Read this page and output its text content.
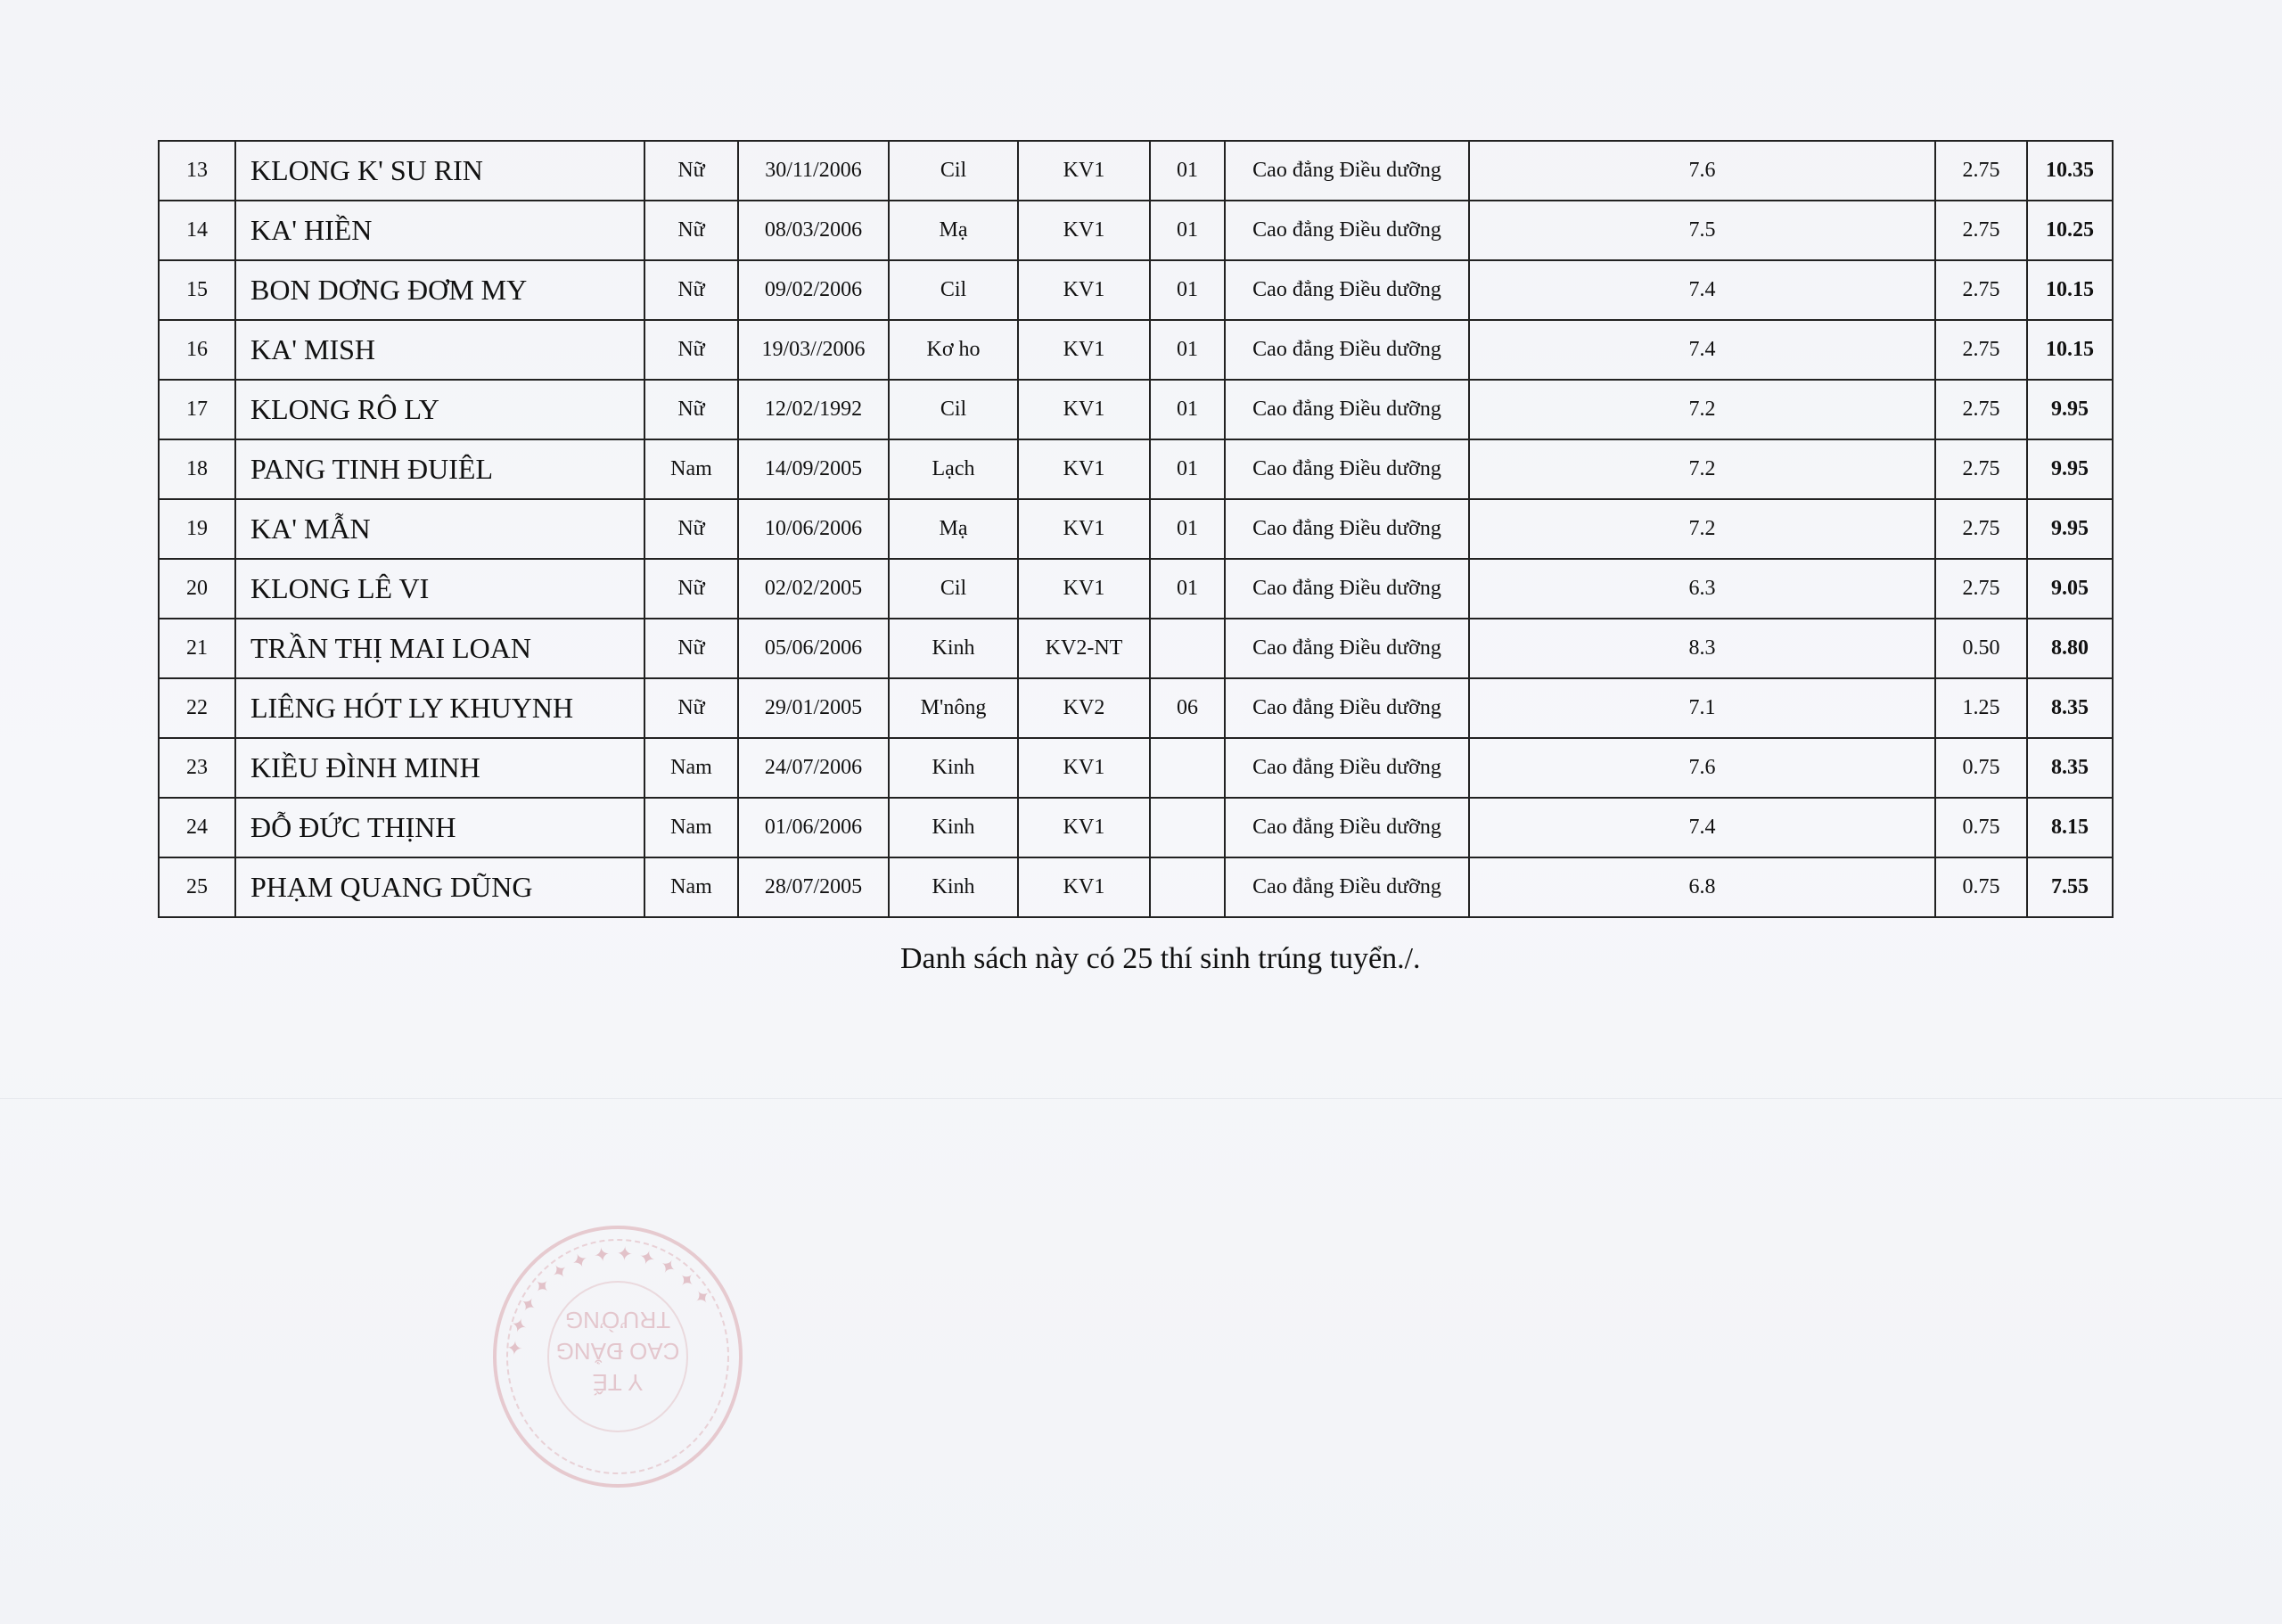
13	KLONG K' SU RIN	Nữ	30/11/2006	Cil	KV1	01	Cao đẳng Điều dưỡng	7.6	2.75	10.35
14	KA' HIỀN	Nữ	08/03/2006	Mạ	KV1	01	Cao đẳng Điều dưỡng	7.5	2.75	10.25
15	BON DƠNG ĐƠM MY	Nữ	09/02/2006	Cil	KV1	01	Cao đẳng Điều dưỡng	7.4	2.75	10.15
16	KA' MISH	Nữ	19/03//2006	Kơ ho	KV1	01	Cao đẳng Điều dưỡng	7.4	2.75	10.15
17	KLONG RÔ LY	Nữ	12/02/1992	Cil	KV1	01	Cao đẳng Điều dưỡng	7.2	2.75	9.95
18	PANG TINH ĐUIÊL	Nam	14/09/2005	Lạch	KV1	01	Cao đẳng Điều dưỡng	7.2	2.75	9.95
19	KA' MẪN	Nữ	10/06/2006	Mạ	KV1	01	Cao đẳng Điều dưỡng	7.2	2.75	9.95
20	KLONG LÊ VI	Nữ	02/02/2005	Cil	KV1	01	Cao đẳng Điều dưỡng	6.3	2.75	9.05
21	TRẦN THỊ MAI LOAN	Nữ	05/06/2006	Kinh	KV2-NT		Cao đẳng Điều dưỡng	8.3	0.50	8.80
22	LIÊNG HÓT LY KHUYNH	Nữ	29/01/2005	M'nông	KV2	06	Cao đẳng Điều dưỡng	7.1	1.25	8.35
23	KIỀU ĐÌNH MINH	Nam	24/07/2006	Kinh	KV1		Cao đẳng Điều dưỡng	7.6	0.75	8.35
24	ĐỖ ĐỨC THỊNH	Nam	01/06/2006	Kinh	KV1		Cao đẳng Điều dưỡng	7.4	0.75	8.15
25	PHẠM QUANG DŨNG	Nam	28/07/2005	Kinh	KV1		Cao đẳng Điều dưỡng	6.8	0.75	7.55
Danh sách này có 25 thí sinh trúng tuyển./.
✦ ✦ ✦ ✦ ✦ ✦ ✦ ✦ ✦ ✦ ✦ ✦
Y TẾ
CAO ĐẲNG
TRƯỜNG
